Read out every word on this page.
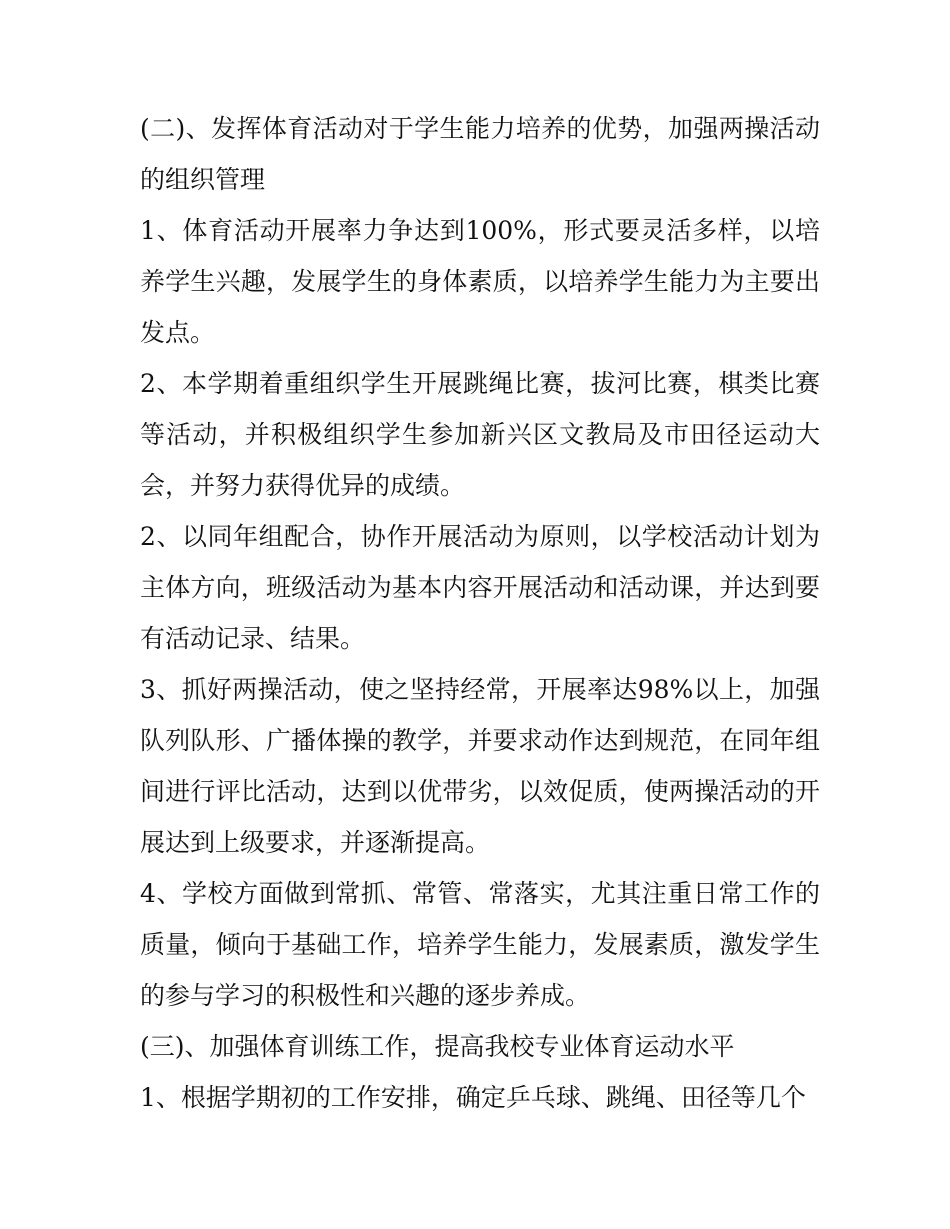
(二)、发挥体育活动对于学生能力培养的优势，加强两操活动的组织管理

1、体育活动开展率力争达到100%，形式要灵活多样，以培养学生兴趣，发展学生的身体素质，以培养学生能力为主要出发点。

2、本学期着重组织学生开展跳绳比赛，拔河比赛，棋类比赛等活动，并积极组织学生参加新兴区文教局及市田径运动大会，并努力获得优异的成绩。

2、以同年组配合，协作开展活动为原则，以学校活动计划为主体方向，班级活动为基本内容开展活动和活动课，并达到要有活动记录、结果。

3、抓好两操活动，使之坚持经常，开展率达98%以上，加强队列队形、广播体操的教学，并要求动作达到规范，在同年组间进行评比活动，达到以优带劣，以效促质，使两操活动的开展达到上级要求，并逐渐提高。

4、学校方面做到常抓、常管、常落实，尤其注重日常工作的质量，倾向于基础工作，培养学生能力，发展素质，激发学生的参与学习的积极性和兴趣的逐步养成。

(三)、加强体育训练工作，提高我校专业体育运动水平

1、根据学期初的工作安排，确定乒乓球、跳绳、田径等几个
